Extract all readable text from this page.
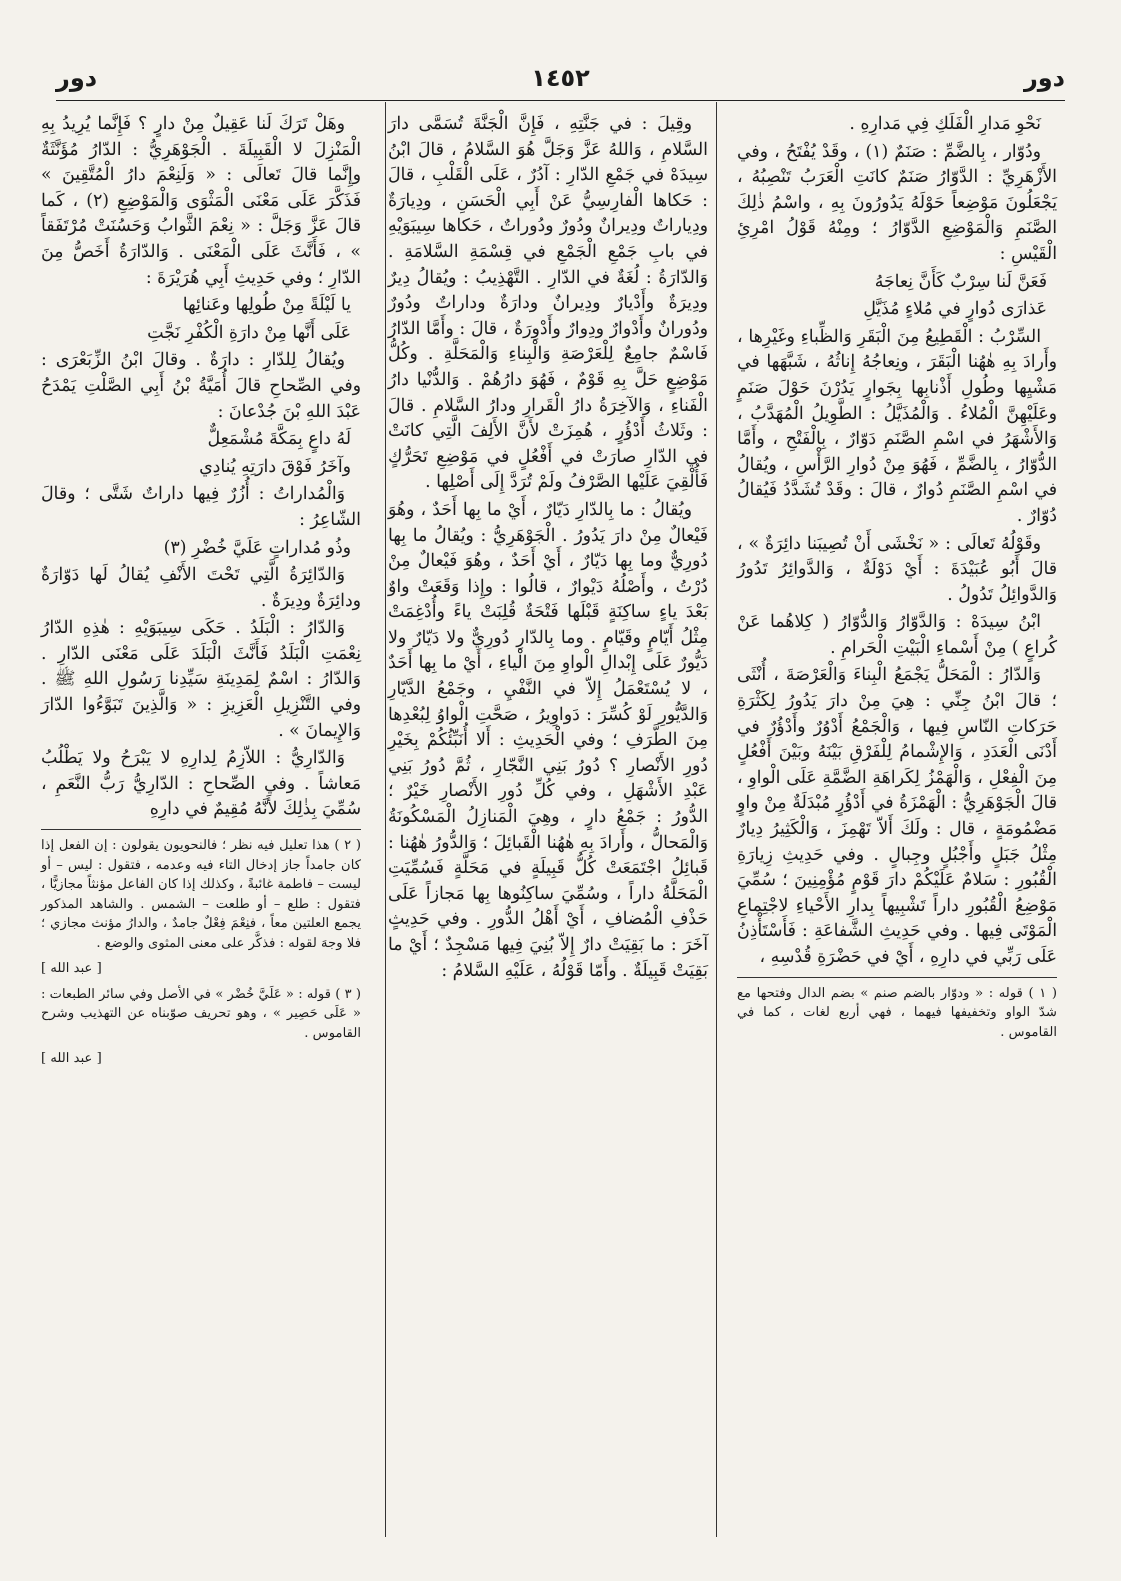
دور
١٤٥٢
دور

نَحْوِ مَدارِ الْفَلَكِ فِي مَدارِهِ .

ودُوّار ، بِالضَّمِّ : صَنَمٌ (١) ، وقَدْ يُفْتَحُ ، وفي الأَزْهَرِيِّ : الدَّوّارُ صَنَمٌ كانَتِ الْعَرَبُ تَنْصِبُهُ ، يَجْعَلُونَ مَوْضِعاً حَوْلَهُ يَدُورُونَ بِهِ ، واسْمُ ذٰلِكَ الصَّنَمِ وَالْمَوْضِعِ الدَّوّارُ ؛ ومِنْهُ قَوْلُ امْرِئِ الْقَيْسِ :

فَعَنَّ لَنا سِرْبٌ كَأَنَّ نِعاجَهُ
عَذارَى دُوارٍ في مُلاءٍ مُذَيَّلِ

السِّرْبُ : الْقَطِيعُ مِنَ الْبَقَرِ وَالظِّباءِ وغَيْرِها ، وأَرادَ بِهِ هٰهُنا الْبَقَرَ ، ونِعاجُهُ إِناثُهُ ، شَبَّهَها في مَشْيِها وطُولِ أَذْنابِها بِجَوارٍ يَدُرْنَ حَوْلَ صَنَمٍ وعَلَيْهِنَّ الْمُلاءُ . وَالْمُذَيَّلُ : الطَّوِيلُ الْمُهَدَّبُ ، وَالأَشْهَرُ في اسْمِ الصَّنَمِ دَوّارٌ ، بِالْفَتْحِ ، وأَمَّا الدُّوّارُ ، بِالضَّمِّ ، فَهُوَ مِنْ دُوارِ الرَّأْسِ ، ويُقالُ في اسْمِ الصَّنَمِ دُوارٌ ، قالَ : وقَدْ تُشَدَّدُ فَيُقالُ دُوّارٌ .

وقَوْلُهُ تَعالَى : « نَخْشَى أَنْ تُصِيبَنا دائِرَةٌ » ، قالَ أَبُو عُبَيْدَةَ : أَيْ دَوْلَةٌ ، وَالدَّوائِرُ تَدُورُ وَالدَّوائِلُ تَدُولُ .

ابْنُ سِيدَهْ : وَالدَّوّارُ وَالدُّوّارُ ( كِلاهُما عَنْ كُراعٍ ) مِنْ أَسْماءِ الْبَيْتِ الْحَرامِ .

وَالدّارُ : الْمَحَلُّ يَجْمَعُ الْبِناءَ وَالْعَرْصَةَ ، أُنْثَى ؛ قالَ ابْنُ جِنِّي : هِيَ مِنْ دارَ يَدُورُ لِكَثْرَةِ حَرَكاتِ النّاسِ فِيها ، وَالْجَمْعُ أَدْوُرٌ وأَدْؤُرٌ في أَدْنَى الْعَدَدِ ، وَالإِشْمامُ لِلْفَرْقِ بَيْنَهُ وبَيْنَ أَفْعُلٍ مِنَ الْفِعْلِ ، وَالْهَمْزُ لِكَراهَةِ الضَّمَّةِ عَلَى الْواوِ ، قالَ الْجَوْهَرِيُّ : الْهَمْزَةُ في أَدْؤُرٍ مُبْدَلَةٌ مِنْ واوٍ مَضْمُومَةٍ ، قال : ولَكَ أَلاّ تَهْمِزَ ، وَالْكَثِيرُ دِيارٌ مِثْلُ جَبَلٍ وأَجْبُلٍ وجِبالٍ . وفي حَدِيثِ زِيارَةِ الْقُبُورِ : سَلامٌ عَلَيْكُمْ دارَ قَوْمٍ مُؤْمِنِينَ ؛ سُمِّيَ مَوْضِعُ الْقُبُورِ داراً تَشْبِيهاً بِدارِ الأَحْياءِ لاجْتِماعِ الْمَوْتَى فِيها . وفي حَدِيثِ الشَّفاعَةِ : فَأَسْتَأْذِنُ عَلَى رَبِّي في دارِهِ ، أَيْ في حَضْرَةِ قُدْسِهِ ،

( ١ ) قوله : « ودوّار بالضم صنم » بضم الدال وفتحها مع شدّ الواو وتخفيفها فيهما ، فهي أربع لغات ، كما في القاموس .

وقِيلَ : في جَنَّتِهِ ، فَإِنَّ الْجَنَّةَ تُسَمَّى دارَ السَّلامِ ، وَاللهُ عَزَّ وَجَلَّ هُوَ السَّلامُ ، قالَ ابْنُ سِيدَهْ في جَمْعِ الدّارِ : آدُرٌ ، عَلَى الْقَلْبِ ، قالَ : حَكاها الْفارِسِيُّ عَنْ أَبِي الْحَسَنِ ، ودِيارَةٌ ودِياراتٌ ودِيرانٌ ودُورٌ ودُوراتٌ ، حَكاها سِيبَوَيْهِ في بابِ جَمْعِ الْجَمْعِ في قِسْمَةِ السَّلامَةِ . وَالدّارَةُ : لُغَةٌ في الدّارِ . التَّهْذِيبُ : ويُقالُ دِيرٌ ودِيرَةٌ وأَدْيارٌ ودِيرانٌ ودارَةٌ وداراتٌ ودُورٌ ودُورانٌ وأَدْوارٌ ودِوارٌ وأَدْوِرَةٌ ، قالَ : وأَمَّا الدّارُ فَاسْمٌ جامِعٌ لِلْعَرْصَةِ وَالْبِناءِ وَالْمَحَلَّةِ . وكُلُّ مَوْضِعٍ حَلَّ بِهِ قَوْمٌ ، فَهُوَ دارُهُمْ . وَالدُّنْيا دارُ الْفَناءِ ، وَالآخِرَةُ دارُ الْقَرارِ ودارُ السَّلامِ . قالَ : وثَلاثُ أَدْؤُرٍ ، هُمِزَتْ لأَنَّ الأَلِفَ الَّتِي كانَتْ في الدّارِ صارَتْ في أَفْعُلٍ في مَوْضِعِ تَحَرُّكٍ فَأُلْقِيَ عَلَيْها الصَّرْفُ ولَمْ تُرَدَّ إِلَى أَصْلِها .

ويُقالُ : ما بِالدّارِ دَيّارٌ ، أَيْ ما بِها أَحَدٌ ، وهُوَ فَيْعالٌ مِنْ دارَ يَدُورُ . الْجَوْهَرِيُّ : ويُقالُ ما بِها دُورِيٌّ وما بِها دَيّارٌ ، أَيْ أَحَدٌ ، وهُوَ فَيْعالٌ مِنْ دُرْتُ ، وأَصْلُهُ دَيْوارٌ ، قالُوا : وإِذا وَقَعَتْ واوٌ بَعْدَ ياءٍ ساكِنَةٍ قَبْلَها فَتْحَةٌ قُلِبَتْ ياءً وأُدْغِمَتْ مِثْلُ أَيّامٍ وقَيّامٍ . وما بِالدّارِ دُورِيٌّ ولا دَيّارٌ ولا دَيُّورٌ عَلَى إِبْدالِ الْواوِ مِنَ الْياءِ ، أَيْ ما بِها أَحَدٌ ، لا يُسْتَعْمَلُ إِلاّ في النَّفْيِ ، وجَمْعُ الدَّيّارِ وَالدَّيُّورِ لَوْ كُسِّرَ : دَواوِيرُ ، صَحَّتِ الْواوُ لِبُعْدِها مِنَ الطَّرَفِ ؛ وفي الْحَدِيثِ : أَلا أُنَبِّئُكُمْ بِخَيْرِ دُورِ الأَنْصارِ ؟ دُورُ بَنِي النَّجّارِ ، ثُمَّ دُورُ بَنِي عَبْدِ الأَشْهَلِ ، وفي كُلِّ دُورِ الأَنْصارِ خَيْرٌ ؛ الدُّورُ : جَمْعُ دارٍ ، وهِيَ الْمَنازِلُ الْمَسْكُونَةُ وَالْمَحالُّ ، وأَرادَ بِهِ هٰهُنا الْقَبائِلَ ؛ وَالدُّورُ هٰهُنا : قَبائِلُ اجْتَمَعَتْ كُلُّ قَبِيلَةٍ في مَحَلَّةٍ فَسُمِّيَتِ الْمَحَلَّةُ داراً ، وسُمِّيَ ساكِنُوها بِها مَجازاً عَلَى حَذْفِ الْمُضافِ ، أَيْ أَهْلُ الدُّورِ . وفي حَدِيثٍ آخَرَ : ما بَقِيَتْ دارٌ إِلاّ بُنِيَ فِيها مَسْجِدٌ ؛ أَيْ ما بَقِيَتْ قَبِيلَةٌ . وأَمّا قَوْلُهُ ، عَلَيْهِ السَّلامُ :

وهَلْ تَرَكَ لَنا عَقِيلٌ مِنْ دارٍ ؟ فَإِنَّما يُرِيدُ بِهِ الْمَنْزِلَ لا الْقَبِيلَةَ . الْجَوْهَرِيُّ : الدّارُ مُؤَنَّثَةٌ وإِنَّما قالَ تَعالَى : « وَلَنِعْمَ دارُ الْمُتَّقِينَ » فَذَكَّرَ عَلَى مَعْنَى الْمَثْوَى وَالْمَوْضِعِ (٢) ، كَما قالَ عَزَّ وَجَلَّ : « نِعْمَ الثَّوابُ وَحَسُنَتْ مُرْتَفَقاً » ، فَأَنَّثَ عَلَى الْمَعْنَى . وَالدّارَةُ أَخَصُّ مِنَ الدّارِ ؛ وفي حَدِيثِ أَبِي هُرَيْرَةَ :

يا لَيْلَةً مِنْ طُولِها وعَنائِها
عَلَى أَنَّها مِنْ دارَةِ الْكُفْرِ نَجَّتِ

ويُقالُ لِلدّارِ : دارَةٌ . وقالَ ابْنُ الزِّبَعْرَى : وفي الصِّحاحِ قالَ أُمَيَّةُ بْنُ أَبِي الصَّلْتِ يَمْدَحُ عَبْدَ اللهِ بْنَ جُدْعانَ :

لَهُ داعٍ بِمَكَّةَ مُشْمَعِلٌّ
وآخَرُ فَوْقَ دارَتِهِ يُنادِي

وَالْمُداراتُ : أُزُرٌ فِيها داراتٌ شَتَّى ؛ وقالَ الشّاعِرُ :

وذُو مُداراتٍ عَلَيَّ خُضْرِ (٣)

وَالدّائِرَةُ الَّتِي تَحْتَ الأَنْفِ يُقالُ لَها دَوّارَةٌ ودائِرَةٌ ودِيرَةٌ .

وَالدّارُ : الْبَلَدُ . حَكَى سِيبَوَيْهِ : هٰذِهِ الدّارُ نِعْمَتِ الْبَلَدُ فَأَنَّثَ الْبَلَدَ عَلَى مَعْنَى الدّارِ . وَالدّارُ : اسْمٌ لِمَدِينَةِ سَيِّدِنا رَسُولِ اللهِ ﷺ . وفي التَّنْزِيلِ الْعَزِيزِ : « وَالَّذِينَ تَبَوَّءُوا الدّارَ وَالإِيمانَ » .

وَالدّارِيُّ : اللاّزِمُ لِدارِهِ لا يَبْرَحُ ولا يَطْلُبُ مَعاشاً . وفي الصِّحاحِ : الدّارِيُّ رَبُّ النَّعَمِ ، سُمِّيَ بِذٰلِكَ لأَنَّهُ مُقِيمٌ في دارِهِ

( ٢ ) هذا تعليل فيه نظر ؛ فالنحويون يقولون : إن الفعل إذا كان جامداً جاز إدخال التاء فيه وعدمه ، فتقول : ليس – أو ليست – فاطمة غائبةً ، وكذلك إذا كان الفاعل مؤنثاً مجازيًّا ، فتقول : طلع – أو طلعت – الشمس . والشاهد المذكور يجمع العلتين معاً ، فنِعْمَ فِعْلٌ جامدٌ ، والدارُ مؤنث مجازي ؛ فلا وجهَ لقوله : فذكَّر على معنى المثوى والوضع .

[ عبد الله ]

( ٣ ) قوله : « عَلَيَّ خُضْر » في الأصل وفي سائر الطبعات : « عَلَى حَصِير » ، وهو تحريف صوّبناه عن التهذيب وشرح القاموس .

[ عبد الله ]
